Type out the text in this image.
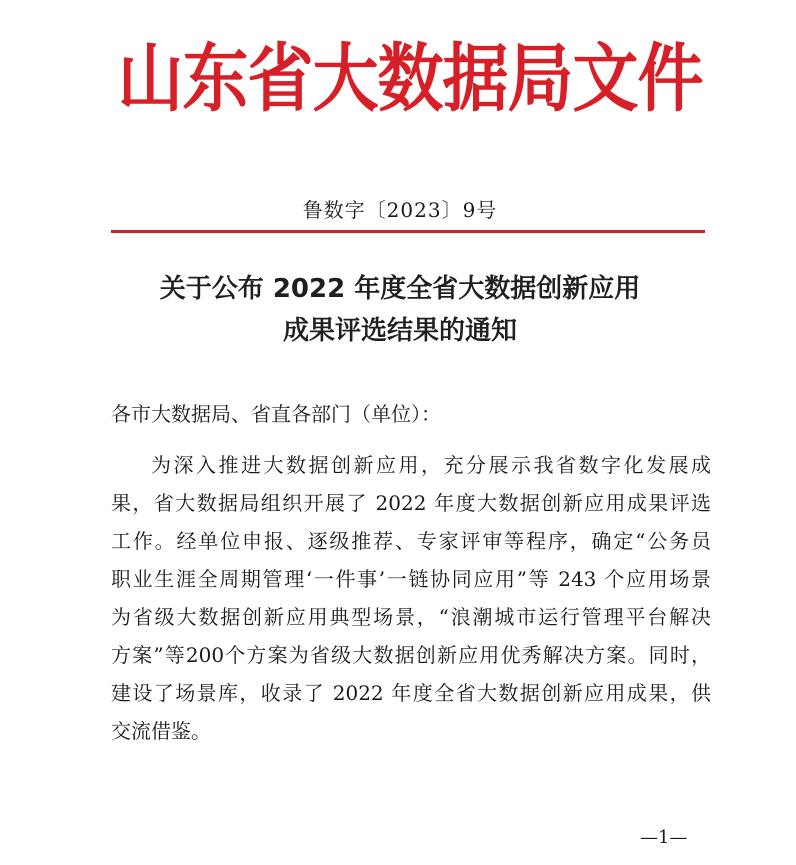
山东省大数据局文件
鲁数字〔2023〕9号
关于公布 2022 年度全省大数据创新应用
成果评选结果的通知
各市大数据局、省直各部门（单位）：

为深入推进大数据创新应用，充分展示我省数字化发展成
果，省大数据局组织开展了 2022 年度大数据创新应用成果评选
工作。经单位申报、逐级推荐、专家评审等程序，确定“公务员
职业生涯全周期管理‘一件事’一链协同应用”等 243 个应用场景
为省级大数据创新应用典型场景，“浪潮城市运行管理平台解决
方案”等200个方案为省级大数据创新应用优秀解决方案。同时，
建设了场景库，收录了 2022 年度全省大数据创新应用成果，供
交流借鉴。

—1—
